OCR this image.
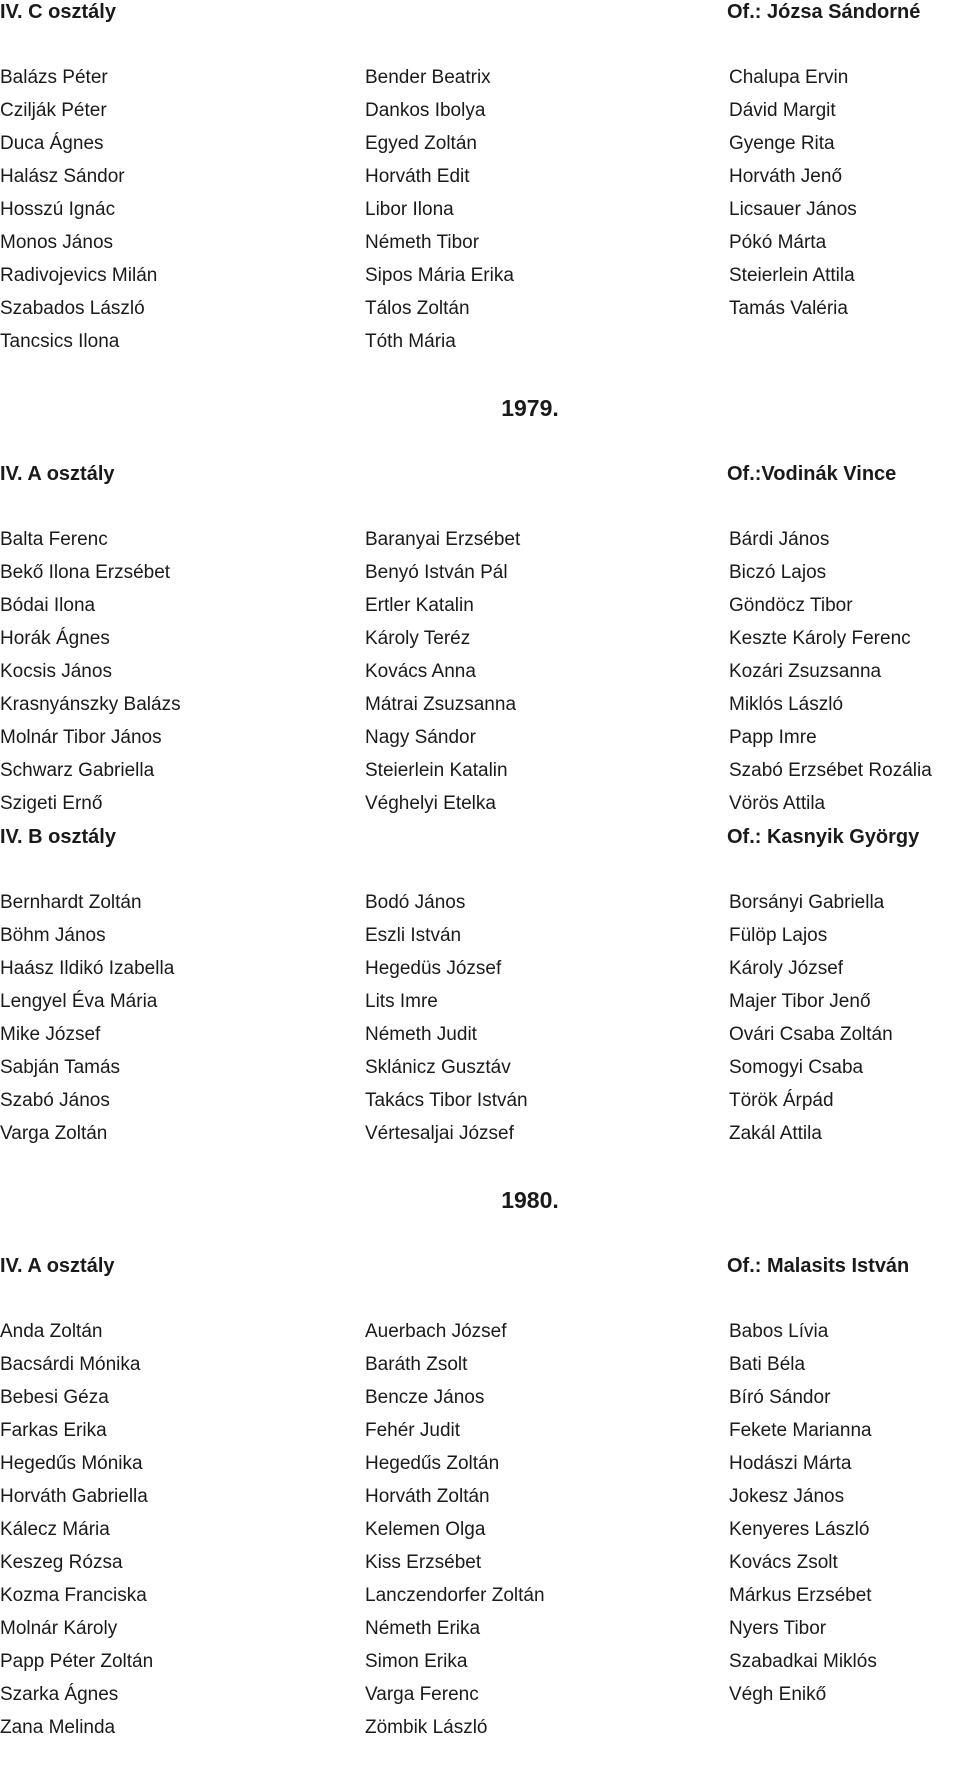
IV. C osztály	Of.: Józsa Sándorné
Balázs Péter	Bender Beatrix	Chalupa Ervin
Czilják Péter	Dankos Ibolya	Dávid Margit
Duca Ágnes	Egyed Zoltán	Gyenge Rita
Halász Sándor	Horváth Edit	Horváth Jenő
Hosszú Ignác	Libor Ilona	Licsauer János
Monos János	Németh Tibor	Pókó Márta
Radivojevics Milán	Sipos Mária Erika	Steierlein Attila
Szabados László	Tálos Zoltán	Tamás Valéria
Tancsics Ilona	Tóth Mária
1979.
IV. A osztály	Of.:Vodinák Vince
Balta Ferenc	Baranyai Erzsébet	Bárdi János
Bekő Ilona Erzsébet	Benyó István Pál	Biczó Lajos
Bódai Ilona	Ertler Katalin	Göndöcz Tibor
Horák Ágnes	Károly Teréz	Keszte Károly Ferenc
Kocsis János	Kovács Anna	Kozári Zsuzsanna
Krasnyánszky Balázs	Mátrai Zsuzsanna	Miklós László
Molnár Tibor János	Nagy Sándor	Papp Imre
Schwarz Gabriella	Steierlein Katalin	Szabó Erzsébet Rozália
Szigeti Ernő	Véghelyi Etelka	Vörös Attila
IV. B osztály	Of.: Kasnyik György
Bernhardt Zoltán	Bodó János	Borsányi Gabriella
Böhm János	Eszli István	Fülöp Lajos
Haász Ildikó Izabella	Hegedüs József	Károly József
Lengyel Éva Mária	Lits Imre	Majer Tibor Jenő
Mike József	Németh Judit	Ovári Csaba Zoltán
Sabján Tamás	Sklánicz Gusztáv	Somogyi Csaba
Szabó János	Takács Tibor István	Török Árpád
Varga Zoltán	Vértesaljai József	Zakál Attila
1980.
IV. A osztály	Of.: Malasits István
Anda Zoltán	Auerbach József	Babos Lívia
Bacsárdi Mónika	Baráth Zsolt	Bati Béla
Bebesi Géza	Bencze János	Bíró Sándor
Farkas Erika	Fehér Judit	Fekete Marianna
Hegedűs Mónika	Hegedűs Zoltán	Hodászi Márta
Horváth Gabriella	Horváth Zoltán	Jokesz János
Kálecz Mária	Kelemen Olga	Kenyeres László
Keszeg Rózsa	Kiss Erzsébet	Kovács Zsolt
Kozma Franciska	Lanczendorfer Zoltán	Márkus Erzsébet
Molnár Károly	Németh Erika	Nyers Tibor
Papp Péter Zoltán	Simon Erika	Szabadkai Miklós
Szarka Ágnes	Varga Ferenc	Végh Enikő
Zana Melinda	Zömbik László
